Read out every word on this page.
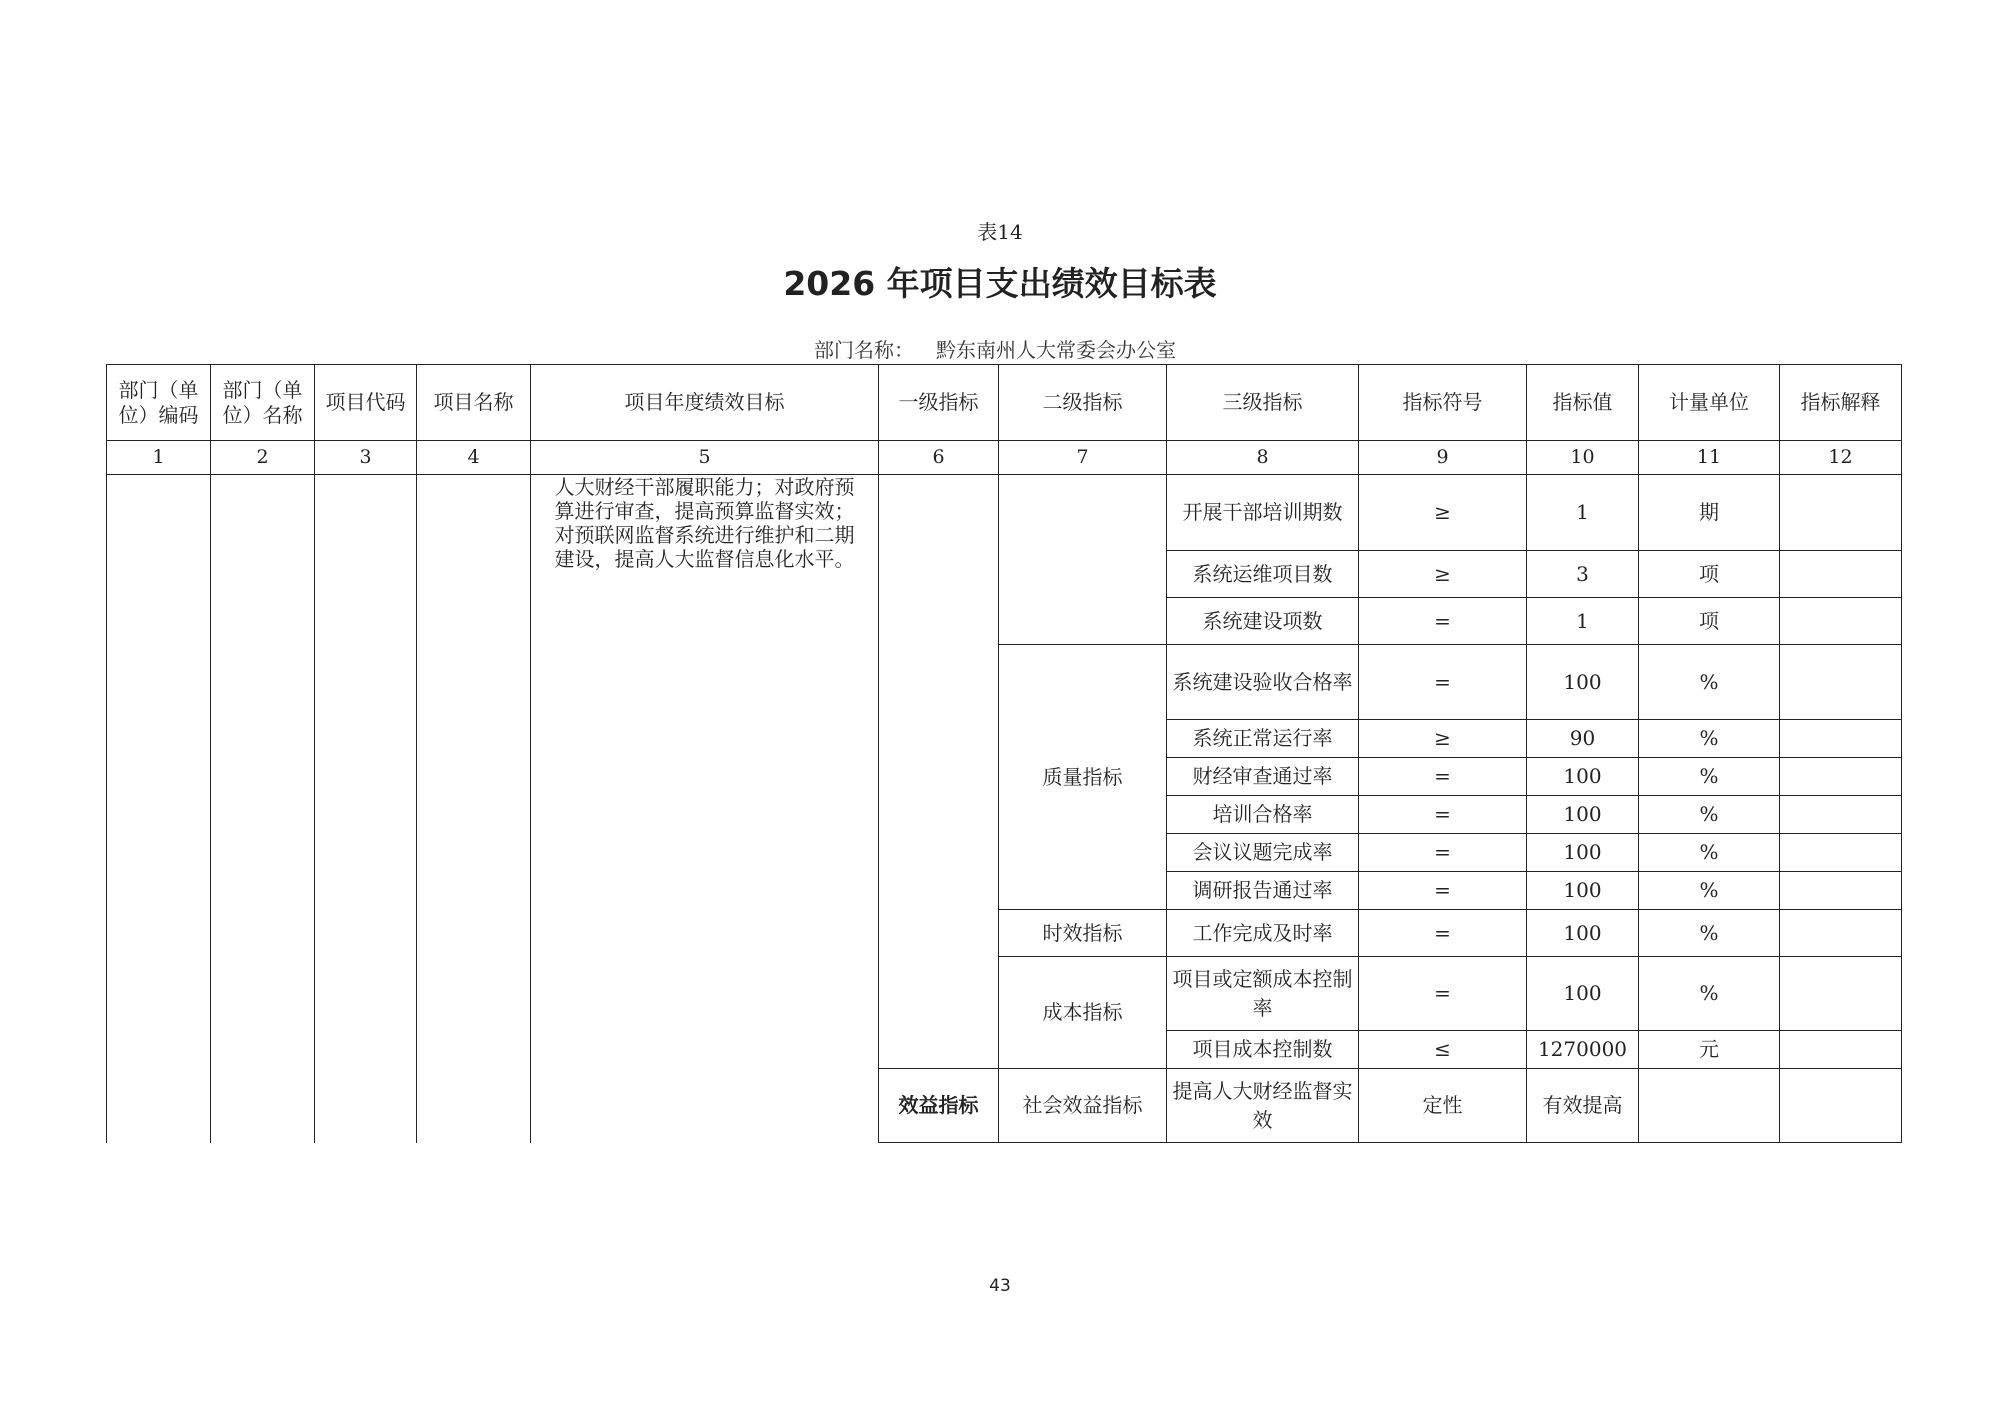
表14
2026 年项目支出绩效目标表
部门名称： 黔东南州人大常委会办公室
部门（单位）编码	部门（单位）名称	项目代码	项目名称	项目年度绩效目标	一级指标	二级指标	三级指标	指标符号	指标值	计量单位	指标解释
1	2	3	4	5	6	7	8	9	10	11	12
				人大财经干部履职能力；对政府预算进行审查，提高预算监督实效；对预联网监督系统进行维护和二期建设，提高人大监督信息化水平。			开展干部培训期数	≥	1	期	
							系统运维项目数	≥	3	项	
							系统建设项数	=	1	项	
						质量指标	系统建设验收合格率	=	100	%	
							系统正常运行率	≥	90	%	
							财经审查通过率	=	100	%	
							培训合格率	=	100	%	
							会议议题完成率	=	100	%	
							调研报告通过率	=	100	%	
						时效指标	工作完成及时率	=	100	%	
						成本指标	项目或定额成本控制率	=	100	%	
							项目成本控制数	≤	1270000	元	
					效益指标	社会效益指标	提高人大财经监督实效	定性	有效提高		
43
